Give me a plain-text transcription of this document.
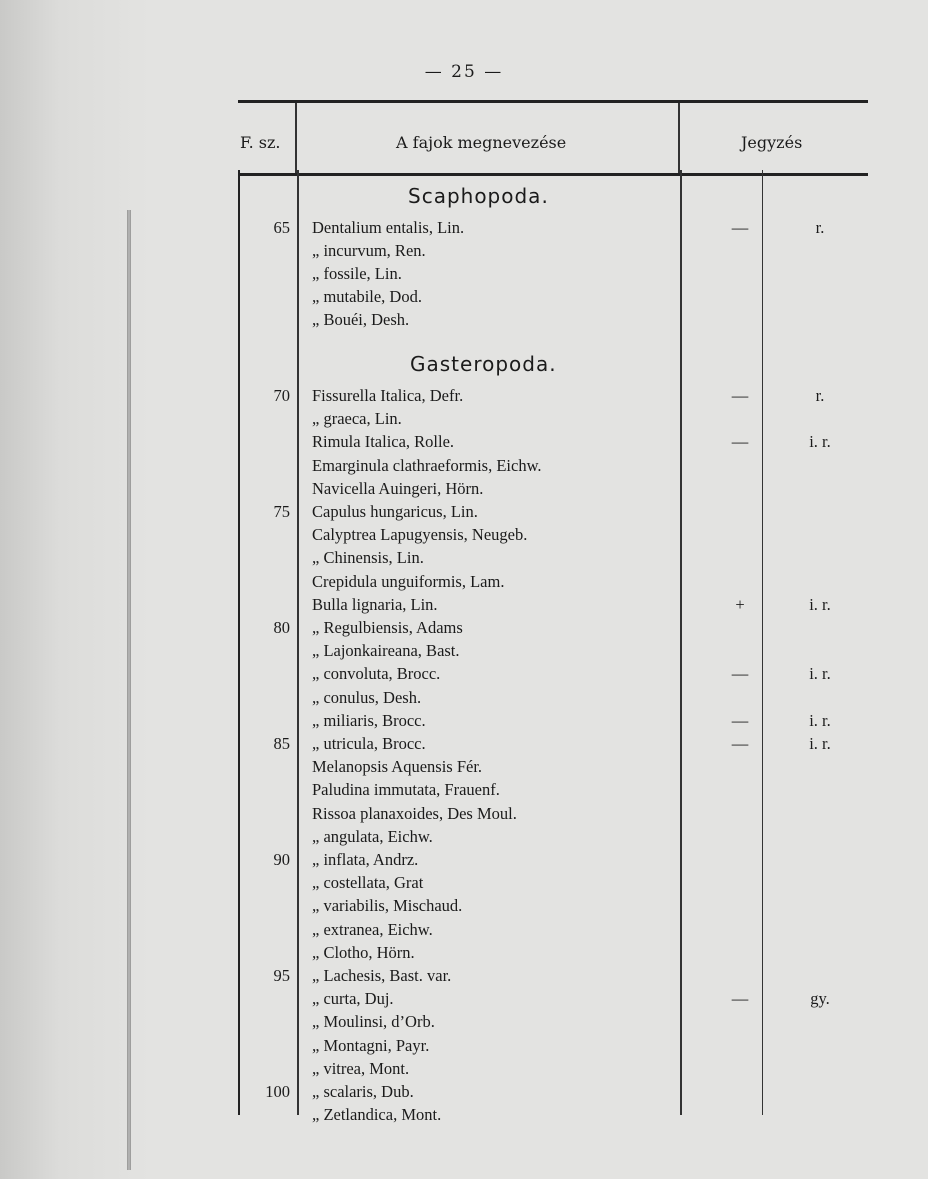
— 25 —
F. sz.	A fajok megnevezése	Jegyzés
Scaphopoda.
Gasteropoda.
65 Dentalium entalis, Lin.	—	r.
„ incurvum, Ren.
„ fossile, Lin.
„ mutabile, Dod.
„ Bouéi, Desh.
70 Fissurella Italica, Defr.	—	r.
„ graeca, Lin.
Rimula Italica, Rolle.	—	i. r.
Emarginula clathraeformis, Eichw.
Navicella Auingeri, Hörn.
75 Capulus hungaricus, Lin.
Calyptrea Lapugyensis, Neugeb.
„ Chinensis, Lin.
Crepidula unguiformis, Lam.
Bulla lignaria, Lin.	+	i. r.
80 „ Regulbiensis, Adams
„ Lajonkaireana, Bast.
„ convoluta, Brocc.	—	i. r.
„ conulus, Desh.
„ miliaris, Brocc.	—	i. r.
85 „ utricula, Brocc.	—	i. r.
Melanopsis Aquensis Fér.
Paludina immutata, Frauenf.
Rissoa planaxoides, Des Moul.
„ angulata, Eichw.
90 „ inflata, Andrz.
„ costellata, Grat
„ variabilis, Mischaud.
„ extranea, Eichw.
„ Clotho, Hörn.
95 „ Lachesis, Bast. var.
„ curta, Duj.	—	gy.
„ Moulinsi, d’Orb.
„ Montagni, Payr.
„ vitrea, Mont.
100 „ scalaris, Dub.
„ Zetlandica, Mont.
